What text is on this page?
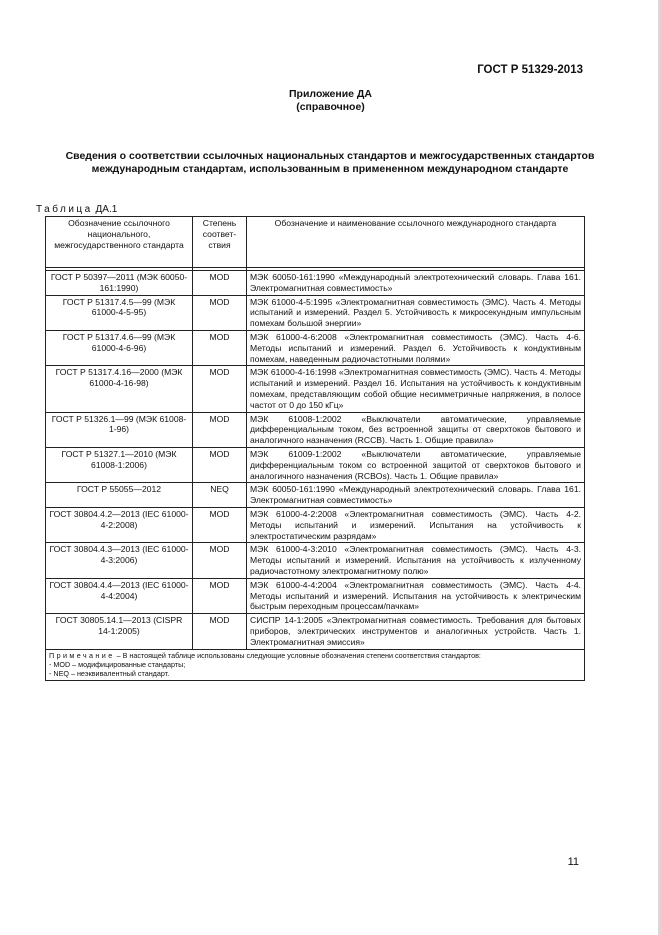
ГОСТ Р 51329-2013
Приложение ДА
(справочное)
Сведения о соответствии ссылочных национальных стандартов и межгосударственных стандартов международным стандартам, использованным в примененном международном стандарте
Таблица ДА.1
Обозначение ссылочного национального, межгосударственного стандарта	Степень соответ-ствия	Обозначение и наименование ссылочного международного стандарта

ГОСТ Р 50397—2011 (МЭК 60050-161:1990)	MOD	МЭК 60050-161:1990 «Международный электротехнический словарь. Глава 161. Электромагнитная совместимость»
ГОСТ Р 51317.4.5—99 (МЭК 61000-4-5-95)	MOD	МЭК 61000-4-5:1995 «Электромагнитная совместимость (ЭМС). Часть 4. Методы испытаний и измерений. Раздел 5. Устойчивость к микросекундным импульсным помехам большой энергии»
ГОСТ Р 51317.4.6—99 (МЭК 61000-4-6-96)	MOD	МЭК 61000-4-6:2008 «Электромагнитная совместимость (ЭМС). Часть 4-6. Методы испытаний и измерений. Раздел 6. Устойчивость к кондуктивным помехам, наведенным радиочастотными полями»
ГОСТ Р 51317.4.16—2000 (МЭК 61000-4-16-98)	MOD	МЭК 61000-4-16:1998 «Электромагнитная совместимость (ЭМС). Часть 4. Методы испытаний и измерений. Раздел 16. Испытания на устойчивость к кондуктивным помехам, представляющим собой общие несимметричные напряжения, в полосе частот от 0 до 150 кГц»
ГОСТ Р 51326.1—99 (МЭК 61008-1-96)	MOD	МЭК 61008-1:2002 «Выключатели автоматические, управляемые дифференциальным током, без встроенной защиты от сверхтоков бытового и аналогичного назначения (RCCB). Часть 1. Общие правила»
ГОСТ Р 51327.1—2010 (МЭК 61008-1:2006)	MOD	МЭК 61009-1:2002 «Выключатели автоматические, управляемые дифференциальным током со встроенной защитой от сверхтоков бытового и аналогичного назначения (RCBOs). Часть 1. Общие правила»
ГОСТ Р 55055—2012	NEQ	МЭК 60050-161:1990 «Международный электротехнический словарь. Глава 161. Электромагнитная совместимость»
ГОСТ 30804.4.2—2013 (IEC 61000-4-2:2008)	MOD	МЭК 61000-4-2:2008 «Электромагнитная совместимость (ЭМС). Часть 4-2. Методы испытаний и измерений. Испытания на устойчивость к электростатическим разрядам»
ГОСТ 30804.4.3—2013 (IEC 61000-4-3:2006)	MOD	МЭК 61000-4-3:2010 «Электромагнитная совместимость (ЭМС). Часть 4-3. Методы испытаний и измерений. Испытания на устойчивость к излученному радиочастотному электромагнитному полю»
ГОСТ 30804.4.4—2013 (IEC 61000-4-4:2004)	MOD	МЭК 61000-4-4:2004 «Электромагнитная совместимость (ЭМС). Часть 4-4. Методы испытаний и измерений. Испытания на устойчивость к электрическим быстрым переходным процессам/пачкам»
ГОСТ 30805.14.1—2013 (CISPR 14-1:2005)	MOD	СИСПР 14-1:2005 «Электромагнитная совместимость. Требования для бытовых приборов, электрических инструментов и аналогичных устройств. Часть 1. Электромагнитная эмиссия»

Примечание – В настоящей таблице использованы следующие условные обозначения степени соответствия стандартов:
- MOD – модифицированные стандарты;
- NEQ – неэквивалентный стандарт.		
11
